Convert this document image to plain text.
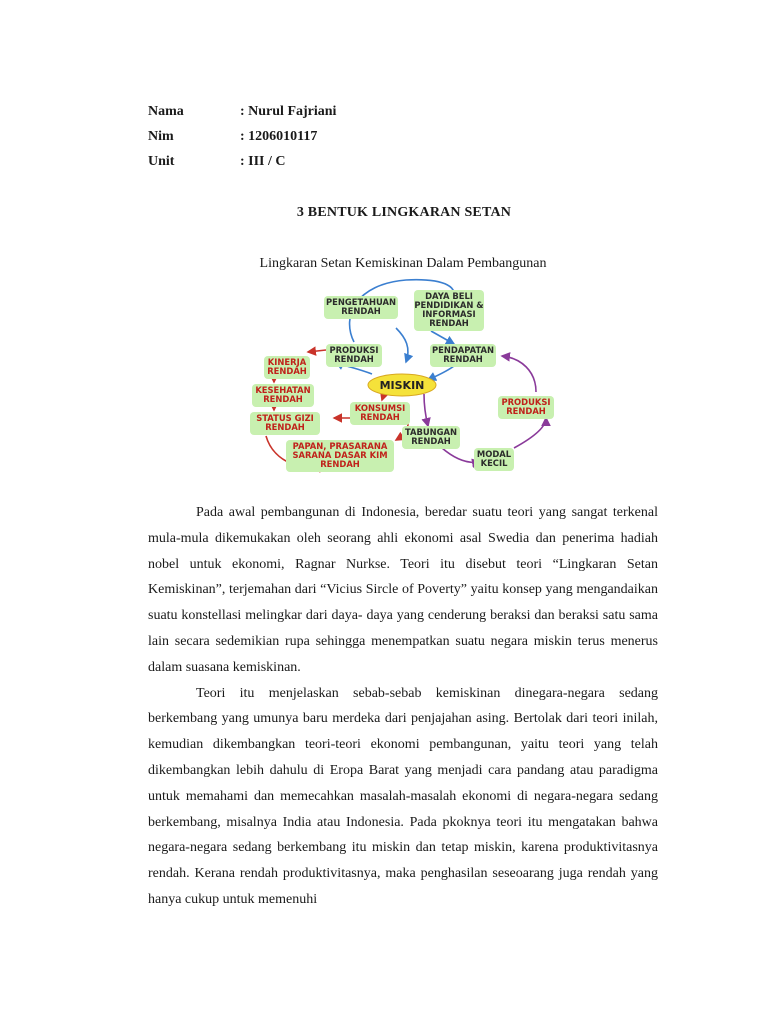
Nama	: Nurul Fajriani
Nim	: 1206010117
Unit	: III / C
3 BENTUK LINGKARAN SETAN
Lingkaran Setan Kemiskinan Dalam Pembangunan
PENGETAHUAN
RENDAH
DAYA BELI
PENDIDIKAN &
INFORMASI
RENDAH
PRODUKSI
RENDAH
PENDAPATAN
RENDAH
KINERJA
RENDAH
KESEHATAN
RENDAH
STATUS GIZI
RENDAH
KONSUMSI
RENDAH
PAPAN, PRASARANA
SARANA DASAR KIM
RENDAH
TABUNGAN
RENDAH
PRODUKSI
RENDAH
MODAL
KECIL
MISKIN

Pada awal pembangunan di Indonesia, beredar suatu teori yang sangat terkenal mula-mula dikemukakan oleh seorang ahli ekonomi asal Swedia dan penerima hadiah nobel untuk ekonomi, Ragnar Nurkse. Teori itu disebut teori “Lingkaran Setan Kemiskinan”, terjemahan dari “Vicius Sircle of Poverty” yaitu konsep yang mengandaikan suatu konstellasi melingkar dari daya- daya yang cenderung beraksi dan beraksi satu sama lain secara sedemikian rupa sehingga menempatkan suatu negara miskin terus menerus dalam suasana kemiskinan.

Teori itu menjelaskan sebab-sebab kemiskinan dinegara-negara sedang berkembang yang umunya baru merdeka dari penjajahan asing. Bertolak dari teori inilah, kemudian dikembangkan teori-teori ekonomi pembangunan, yaitu teori yang telah dikembangkan lebih dahulu di Eropa Barat yang menjadi cara pandang atau paradigma untuk memahami dan memecahkan masalah-masalah ekonomi di negara-negara sedang berkembang, misalnya India atau Indonesia. Pada pkoknya teori itu mengatakan bahwa negara-negara sedang berkembang itu miskin dan tetap miskin, karena produktivitasnya rendah. Kerana rendah produktivitasnya, maka penghasilan seseoarang juga rendah yang hanya cukup untuk memenuhi
